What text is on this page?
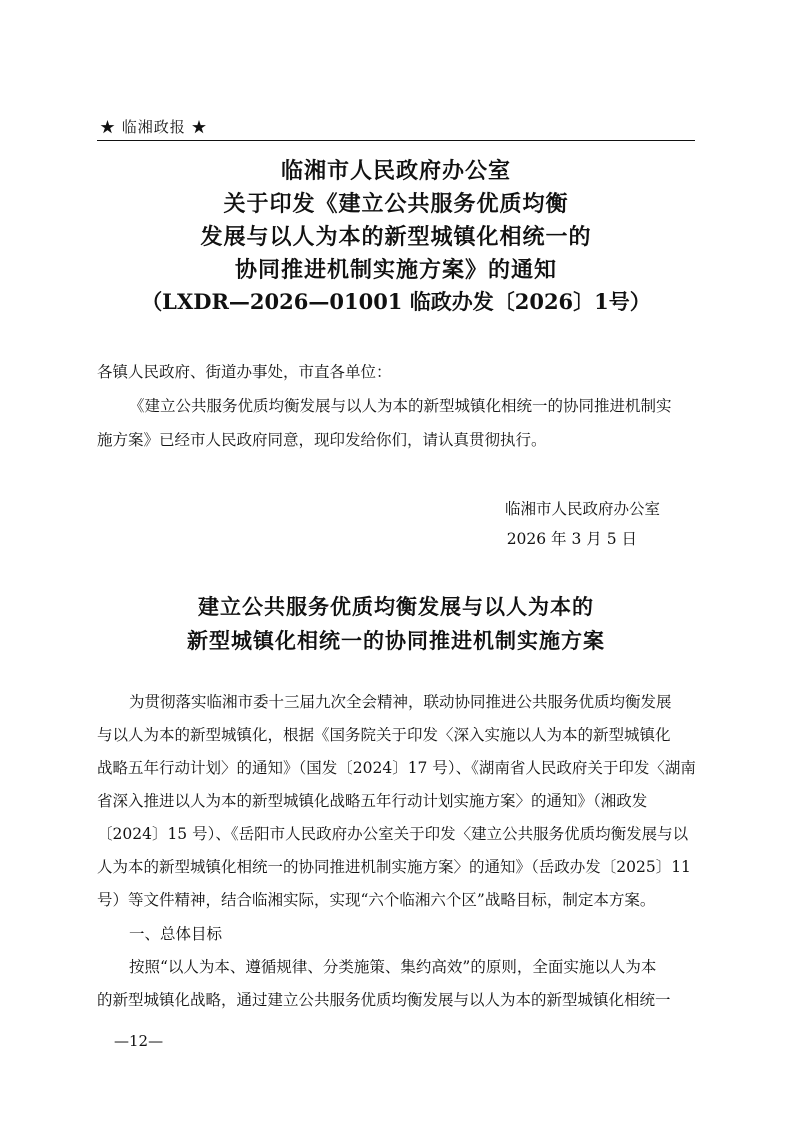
★ 临湘政报 ★
临湘市人民政府办公室
关于印发《建立公共服务优质均衡
发展与以人为本的新型城镇化相统一的
协同推进机制实施方案》的通知
（LXDR—2026—01001 临政办发〔2026〕1号）
各镇人民政府、街道办事处，市直各单位：
《建立公共服务优质均衡发展与以人为本的新型城镇化相统一的协同推进机制实
施方案》已经市人民政府同意，现印发给你们，请认真贯彻执行。
临湘市人民政府办公室
2026 年 3 月 5 日
建立公共服务优质均衡发展与以人为本的
新型城镇化相统一的协同推进机制实施方案
为贯彻落实临湘市委十三届九次全会精神，联动协同推进公共服务优质均衡发展
与以人为本的新型城镇化，根据《国务院关于印发〈深入实施以人为本的新型城镇化
战略五年行动计划〉的通知》（国发〔2024〕17 号）、《湖南省人民政府关于印发〈湖南
省深入推进以人为本的新型城镇化战略五年行动计划实施方案〉的通知》（湘政发
〔2024〕15 号）、《岳阳市人民政府办公室关于印发〈建立公共服务优质均衡发展与以
人为本的新型城镇化相统一的协同推进机制实施方案〉的通知》（岳政办发〔2025〕11
号）等文件精神，结合临湘实际，实现“六个临湘六个区”战略目标，制定本方案。
一、总体目标
按照“以人为本、遵循规律、分类施策、集约高效”的原则，全面实施以人为本
的新型城镇化战略，通过建立公共服务优质均衡发展与以人为本的新型城镇化相统一
—12—
